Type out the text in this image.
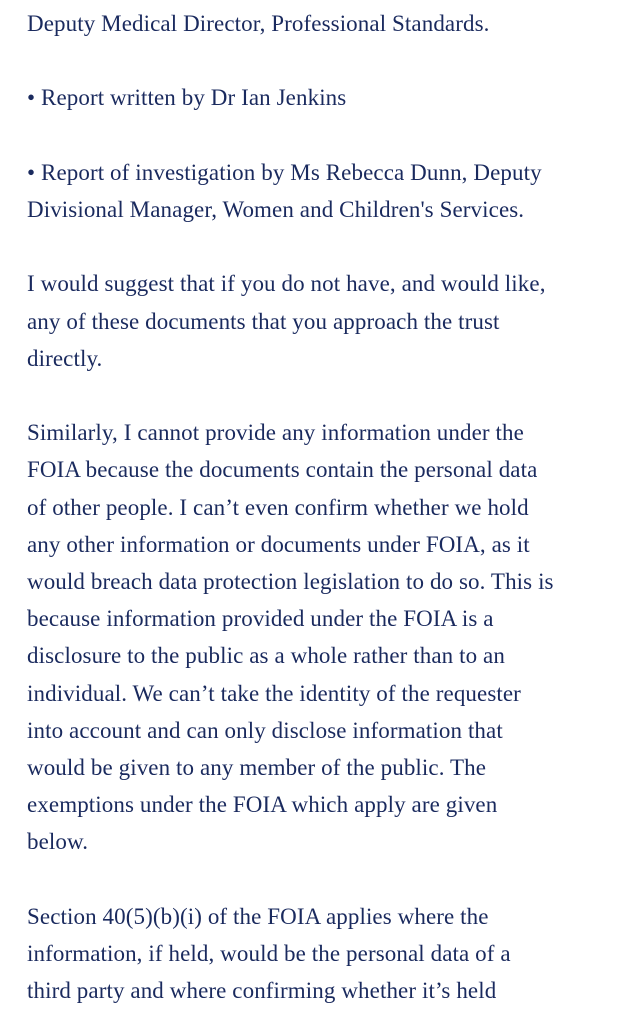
Deputy Medical Director, Professional Standards.

• Report written by Dr Ian Jenkins

• Report of investigation by Ms Rebecca Dunn, Deputy
Divisional Manager, Women and Children's Services.

I would suggest that if you do not have, and would like,
any of these documents that you approach the trust
directly.

Similarly, I cannot provide any information under the
FOIA because the documents contain the personal data
of other people. I can’t even confirm whether we hold
any other information or documents under FOIA, as it
would breach data protection legislation to do so. This is
because information provided under the FOIA is a
disclosure to the public as a whole rather than to an
individual. We can’t take the identity of the requester
into account and can only disclose information that
would be given to any member of the public. The
exemptions under the FOIA which apply are given
below.

Section 40(5)(b)(i) of the FOIA applies where the
information, if held, would be the personal data of a
third party and where confirming whether it’s held
